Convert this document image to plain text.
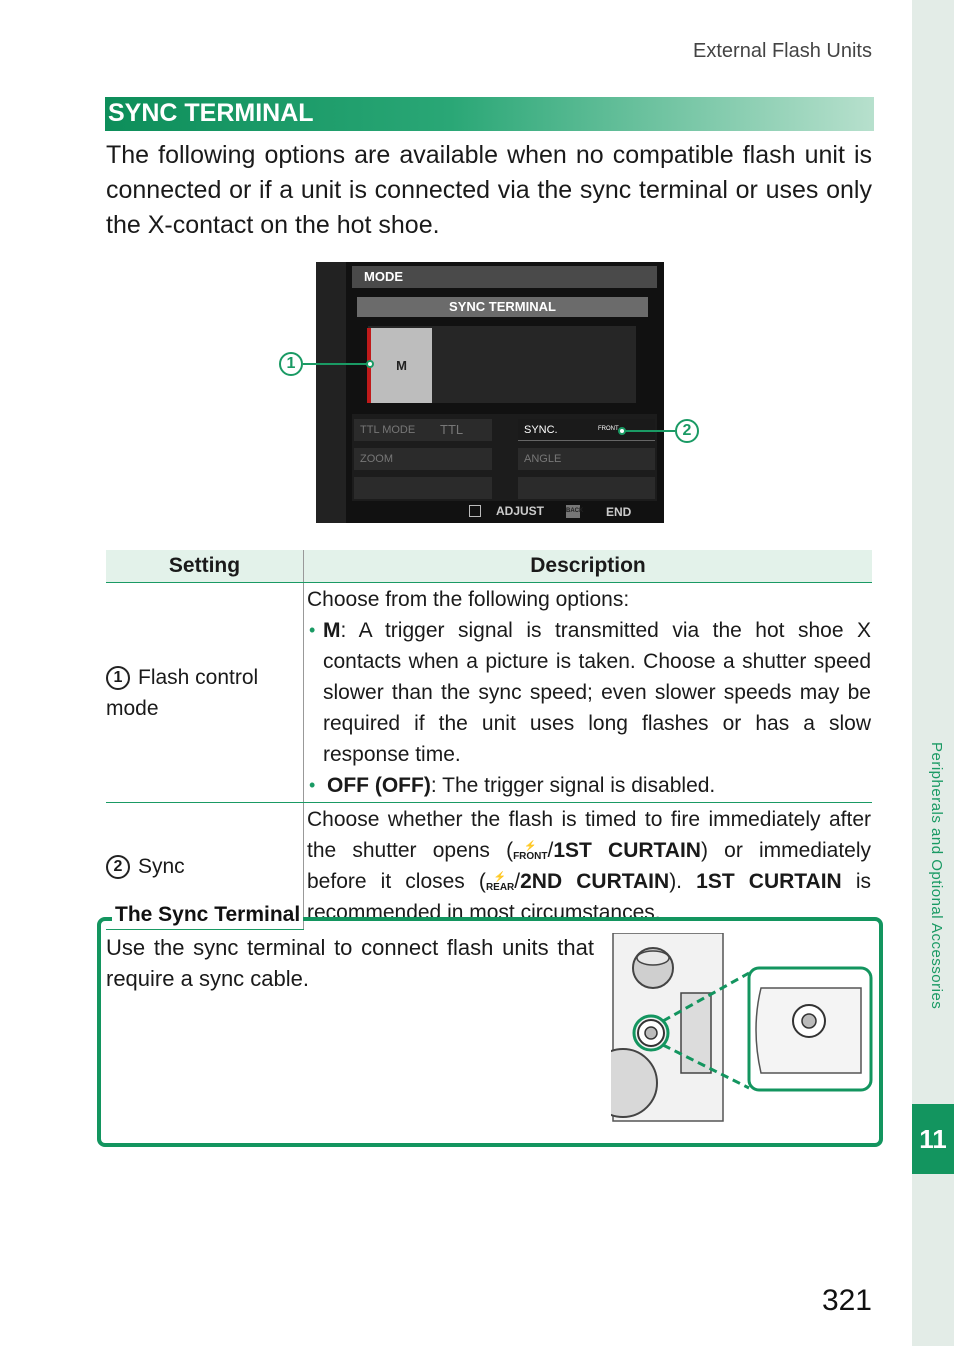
External Flash Units
Peripherals and Optional Accessories
11
SYNC TERMINAL
The following options are available when no compatible flash unit is connected or if a unit is connected via the sync terminal or uses only the X-contact on the hot shoe.
MODE
SYNC TERMINAL
M
TTL MODE TTL	SYNC.	FRONT
ZOOM	ANGLE
ADJUST	BACK END
1
2
Setting	Description
1 Flash control mode	Choose from the following options:
• M: A trigger signal is transmitted via the hot shoe X contacts when a picture is taken. Choose a shutter speed slower than the sync speed; even slower speeds may be required if the unit uses long flashes or has a slow response time.
• OFF (OFF): The trigger signal is disabled.

2 Sync	Choose whether the flash is timed to fire immediately after the shutter opens ( ⚡
FRONT/1ST CURTAIN) or immediately before it closes ( ⚡
REAR/2ND CURTAIN). 1ST CURTAIN is recommended in most circumstances.
The Sync Terminal
Use the sync terminal to connect flash units that require a sync cable.
321
